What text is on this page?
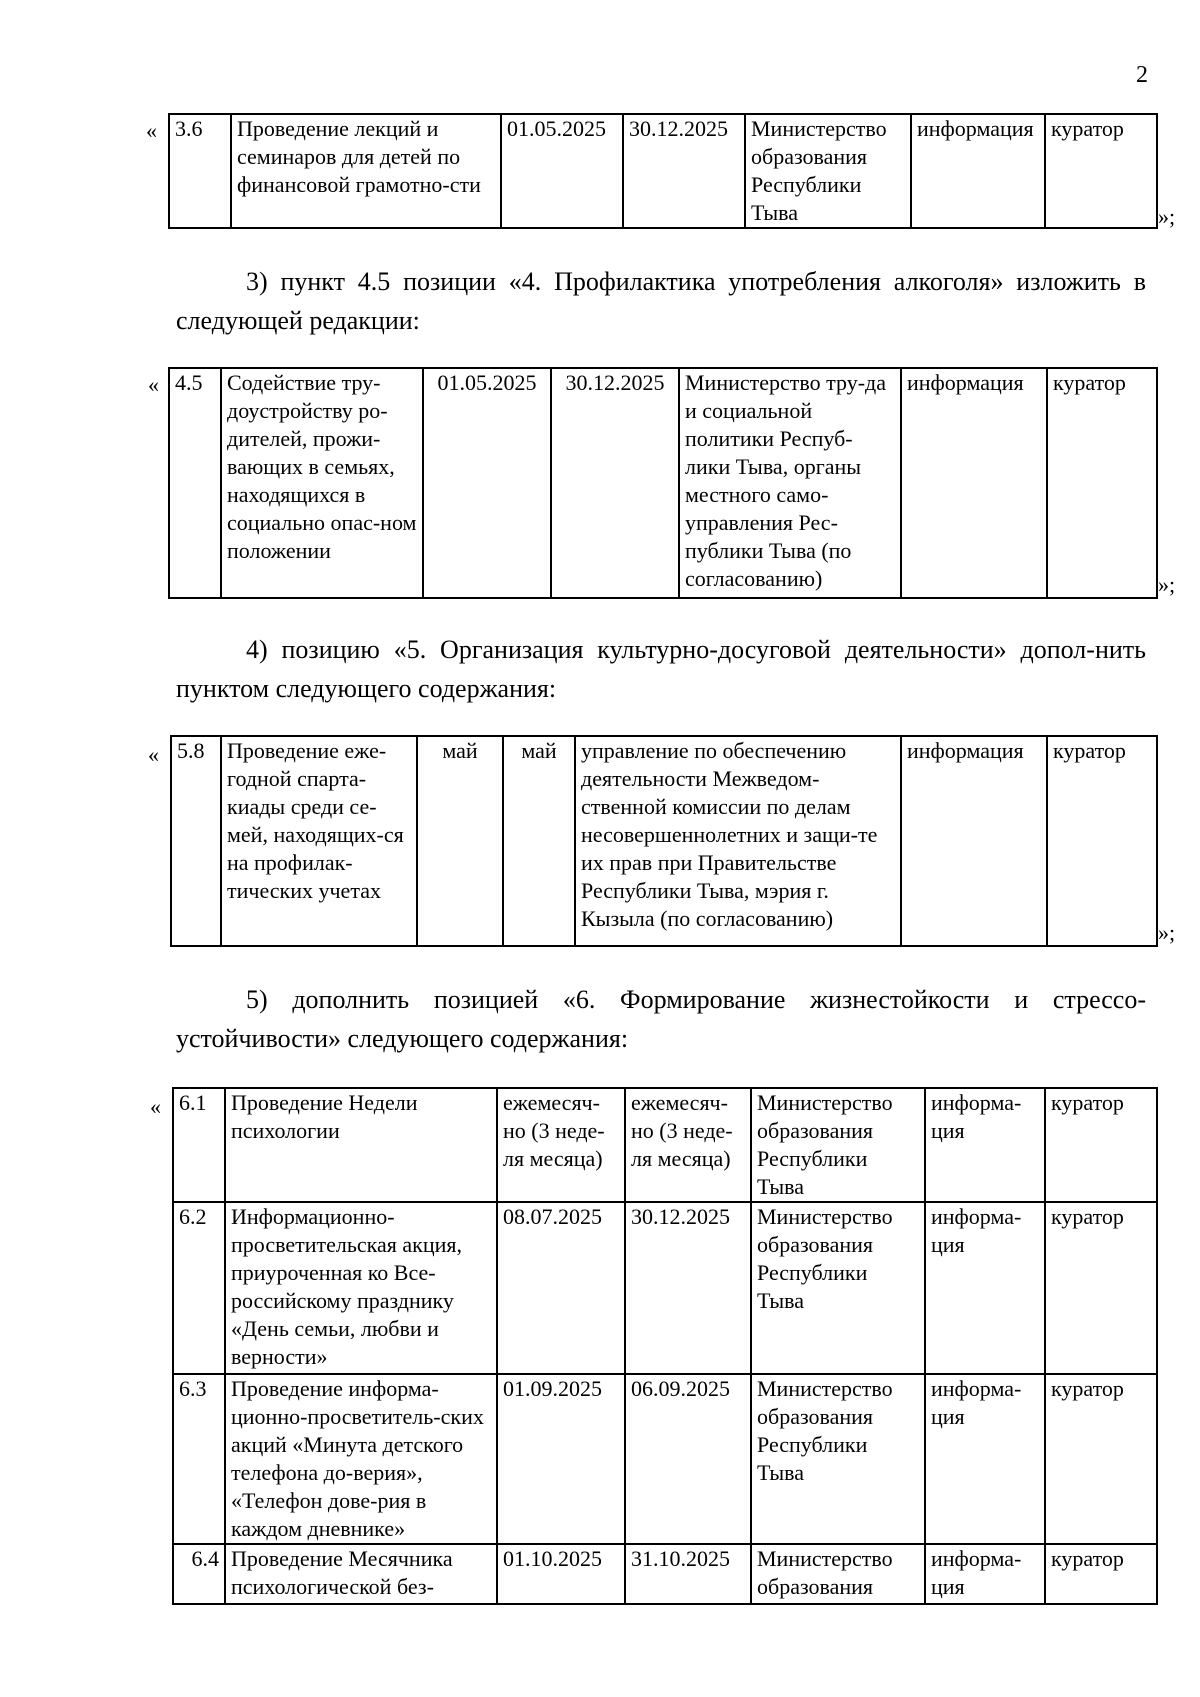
2
« 3.6	Проведение лекций и семинаров для детей по финансовой грамотно-сти	01.05.2025	30.12.2025	Министерство образования Республики Тыва	информация	куратор
»;
3) пункт 4.5 позиции «4. Профилактика употребления алкоголя» изложить в следующей редакции:
« 4.5	Содействие тру-доустройству ро-дителей, прожи-вающих в семьях, находящихся в социально опас-ном положении	01.05.2025	30.12.2025	Министерство тру-да и социальной политики Респуб-лики Тыва, органы местного само-управления Рес-публики Тыва (по согласованию)	информация	куратор
»;
4) позицию «5. Организация культурно-досуговой деятельности» допол-нить пунктом следующего содержания:
« 5.8	Проведение еже-годной спарта-киады среди се-мей, находящих-ся на профилак-тических учетах	май	май	управление по обеспечению деятельности Межведом-ственной комиссии по делам несовершеннолетних и защи-те их прав при Правительстве Республики Тыва, мэрия г. Кызыла (по согласованию)	информация	куратор
»;
5) дополнить позицией «6. Формирование жизнестойкости и стрессо-устойчивости» следующего содержания:
« 6.1	Проведение Недели психологии	ежемесяч-но (3 неде-ля месяца)	ежемесяч-но (3 неде-ля месяца)	Министерство образования Республики Тыва	информа-ция	куратор
6.2	Информационно-просветительская акция, приуроченная ко Все-российскому празднику «День семьи, любви и верности»	08.07.2025	30.12.2025	Министерство образования Республики Тыва	информа-ция	куратор
6.3	Проведение информа-ционно-просветитель-ских акций «Минута детского телефона до-верия», «Телефон дове-рия в каждом дневнике»	01.09.2025	06.09.2025	Министерство образования Республики Тыва	информа-ция	куратор
6.4	Проведение Месячника психологической без-	01.10.2025	31.10.2025	Министерство образования	информа-ция	куратор
